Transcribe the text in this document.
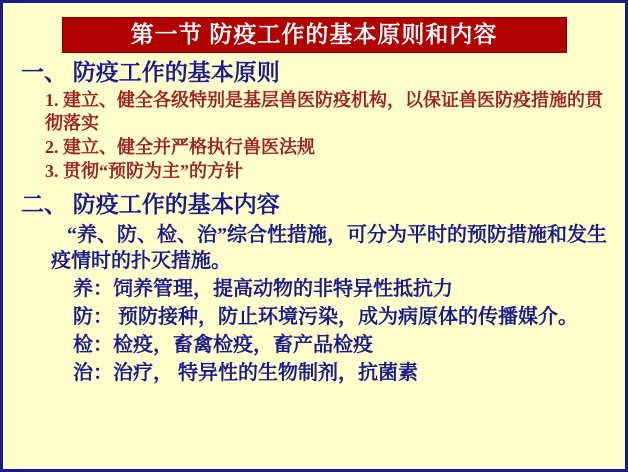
第一节 防疫工作的基本原则和内容
一、 防疫工作的基本原则
1. 建立、健全各级特别是基层兽医防疫机构，以保证兽医防疫措施的贯彻落实
2. 建立、健全并严格执行兽医法规
3. 贯彻“预防为主”的方针
二、 防疫工作的基本内容
“养、防、检、治”综合性措施，可分为平时的预防措施和发生疫情时的扑灭措施。
养：饲养管理，提高动物的非特异性抵抗力
防： 预防接种，防止环境污染，成为病原体的传播媒介。
检：检疫，畜禽检疫，畜产品检疫
治：治疗， 特异性的生物制剂，抗菌素
